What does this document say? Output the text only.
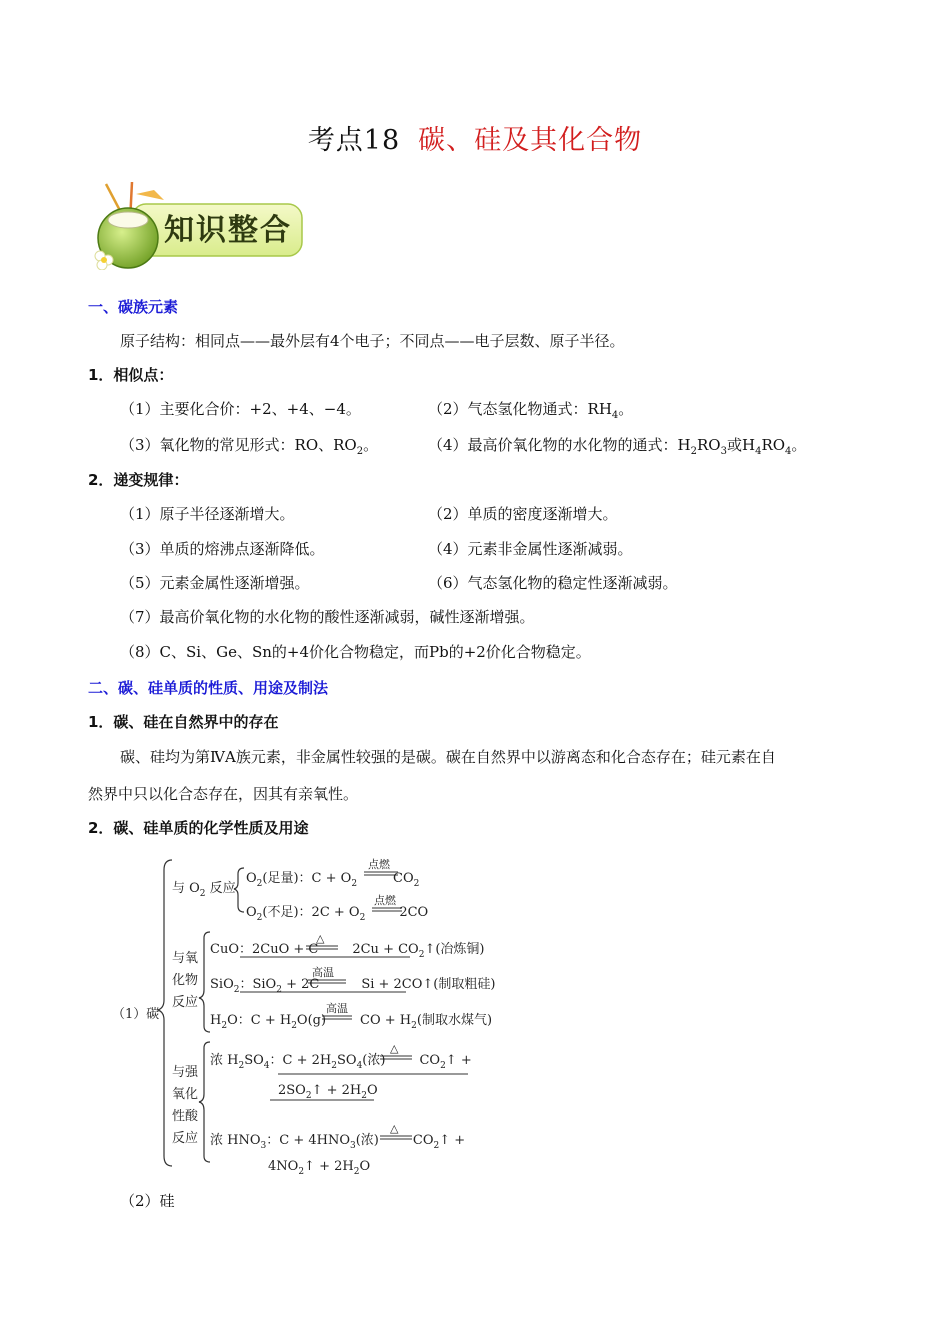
考点18 碳、硅及其化合物
知识整合
一、碳族元素
原子结构：相同点——最外层有4个电子；不同点——电子层数、原子半径。
1．相似点：
（1）主要化合价：+2、+4、−4。	（2）气态氢化物通式：$RH_4$。
（3）氧化物的常见形式：RO、$RO_2$。	（4）最高价氧化物的水化物的通式：$H_2RO_3$或$H_4RO_4$。
2．递变规律：
（1）原子半径逐渐增大。	（2）单质的密度逐渐增大。
（3）单质的熔沸点逐渐降低。	（4）元素非金属性逐渐减弱。
（5）元素金属性逐渐增强。	（6）气态氢化物的稳定性逐渐减弱。
（7）最高价氧化物的水化物的酸性逐渐减弱，碱性逐渐增强。
（8）C、Si、Ge、Sn的+4价化合物稳定，而Pb的+2价化合物稳定。
二、碳、硅单质的性质、用途及制法
1．碳、硅在自然界中的存在
碳、硅均为第ⅣA族元素，非金属性较强的是碳。碳在自然界中以游离态和化合态存在；硅元素在自
然界中只以化合态存在，因其有亲氧性。
2．碳、硅单质的化学性质及用途
（1）碳
与 $O_2$ 反应
$O_2$(足量)：$C + O_2$	$CO_2$
点燃
$O_2$(不足)：$2C + O_2$	2CO
点燃
与氧
化物
反应
CuO：2CuO + C	$2Cu + CO_2↑$(冶炼铜)
△
SiO$_2$：SiO$_2$ + 2C	Si + 2CO↑(制取粗硅)
高温
$H_2O$：$C + H_2O(g)$	CO + $H_2$(制取水煤气)
高温
与强
氧化
性酸
反应
浓 $H_2SO_4$：$C + 2H_2SO_4$(浓)	$CO_2↑$ +
△
$2SO_2↑ + 2H_2O$
浓 $HNO_3$：$C + 4HNO_3$(浓)	$CO_2↑$ +
△
$4NO_2↑ + 2H_2O$
（2）硅
